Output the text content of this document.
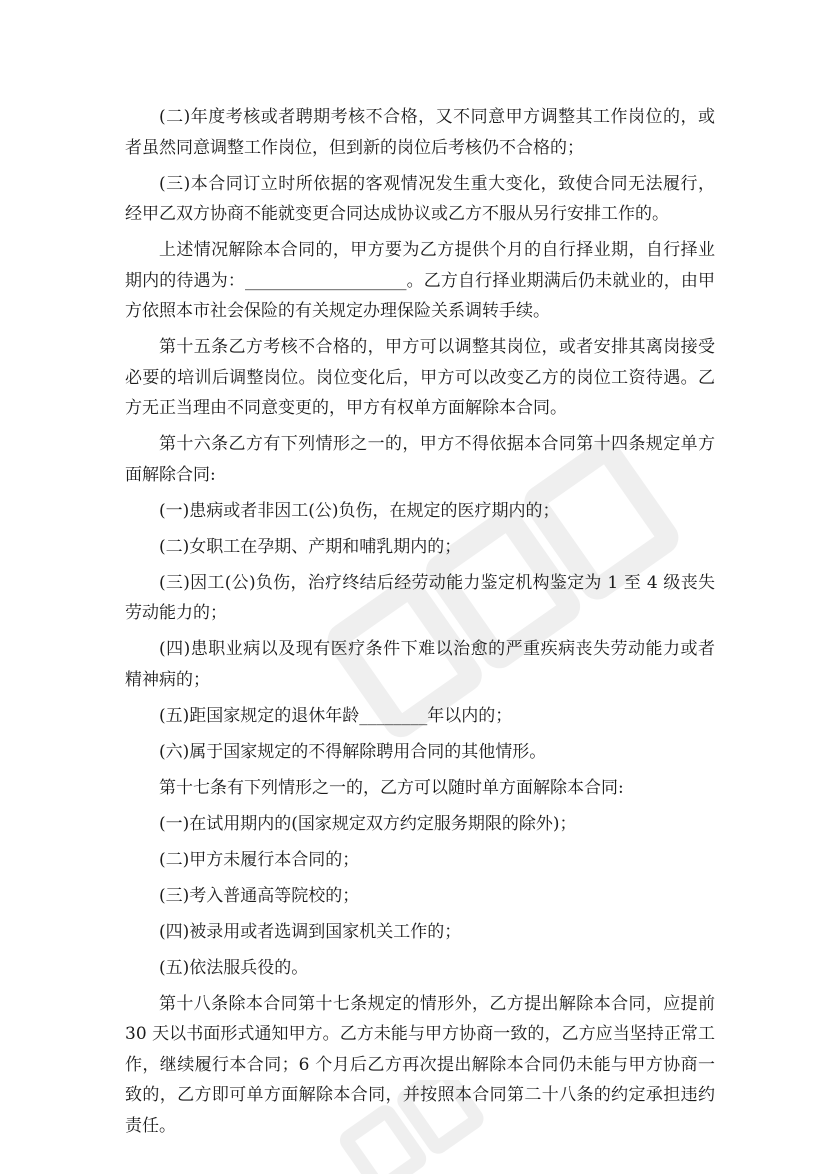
(二)年度考核或者聘期考核不合格，又不同意甲方调整其工作岗位的，或者虽然同意调整工作岗位，但到新的岗位后考核仍不合格的；

(三)本合同订立时所依据的客观情况发生重大变化，致使合同无法履行，经甲乙双方协商不能就变更合同达成协议或乙方不服从另行安排工作的。

上述情况解除本合同的，甲方要为乙方提供个月的自行择业期，自行择业期内的待遇为：___________________。乙方自行择业期满后仍未就业的，由甲方依照本市社会保险的有关规定办理保险关系调转手续。

第十五条乙方考核不合格的，甲方可以调整其岗位，或者安排其离岗接受必要的培训后调整岗位。岗位变化后，甲方可以改变乙方的岗位工资待遇。乙方无正当理由不同意变更的，甲方有权单方面解除本合同。

第十六条乙方有下列情形之一的，甲方不得依据本合同第十四条规定单方面解除合同:

(一)患病或者非因工(公)负伤，在规定的医疗期内的；

(二)女职工在孕期、产期和哺乳期内的；

(三)因工(公)负伤，治疗终结后经劳动能力鉴定机构鉴定为 1 至 4 级丧失劳动能力的；

(四)患职业病以及现有医疗条件下难以治愈的严重疾病丧失劳动能力或者精神病的；

(五)距国家规定的退休年龄________年以内的；

(六)属于国家规定的不得解除聘用合同的其他情形。

第十七条有下列情形之一的，乙方可以随时单方面解除本合同:

(一)在试用期内的(国家规定双方约定服务期限的除外)；

(二)甲方未履行本合同的；

(三)考入普通高等院校的；

(四)被录用或者选调到国家机关工作的；

(五)依法服兵役的。

第十八条除本合同第十七条规定的情形外，乙方提出解除本合同，应提前 30 天以书面形式通知甲方。乙方未能与甲方协商一致的，乙方应当坚持正常工作，继续履行本合同；6 个月后乙方再次提出解除本合同仍未能与甲方协商一致的，乙方即可单方面解除本合同，并按照本合同第二十八条的约定承担违约责任。
